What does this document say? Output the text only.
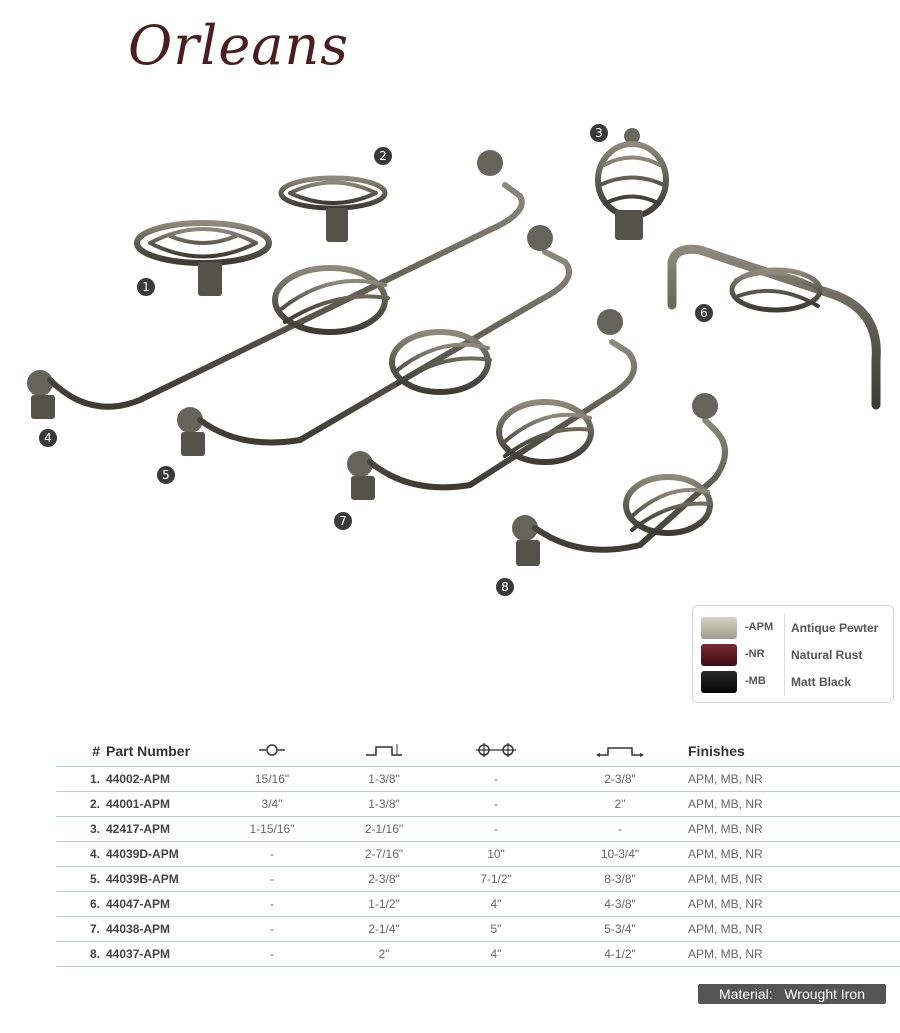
Orleans
1
2
3
4
5
6
7
8
-APM Antique Pewter
-NR Natural Rust
-MB Matt Black
#	Part Number					Finishes
1.	44002-APM	15/16"	1-3/8"	-	2-3/8"	APM, MB, NR
2.	44001-APM	3/4"	1-3/8"	-	2"	APM, MB, NR
3.	42417-APM	1-15/16"	2-1/16"	-	-	APM, MB, NR
4.	44039D-APM	-	2-7/16"	10"	10-3/4"	APM, MB, NR
5.	44039B-APM	-	2-3/8"	7-1/2"	8-3/8"	APM, MB, NR
6.	44047-APM	-	1-1/2"	4"	4-3/8"	APM, MB, NR
7.	44038-APM	-	2-1/4"	5"	5-3/4"	APM, MB, NR
8.	44037-APM	-	2"	4"	4-1/2"	APM, MB, NR
Material:   Wrought Iron
